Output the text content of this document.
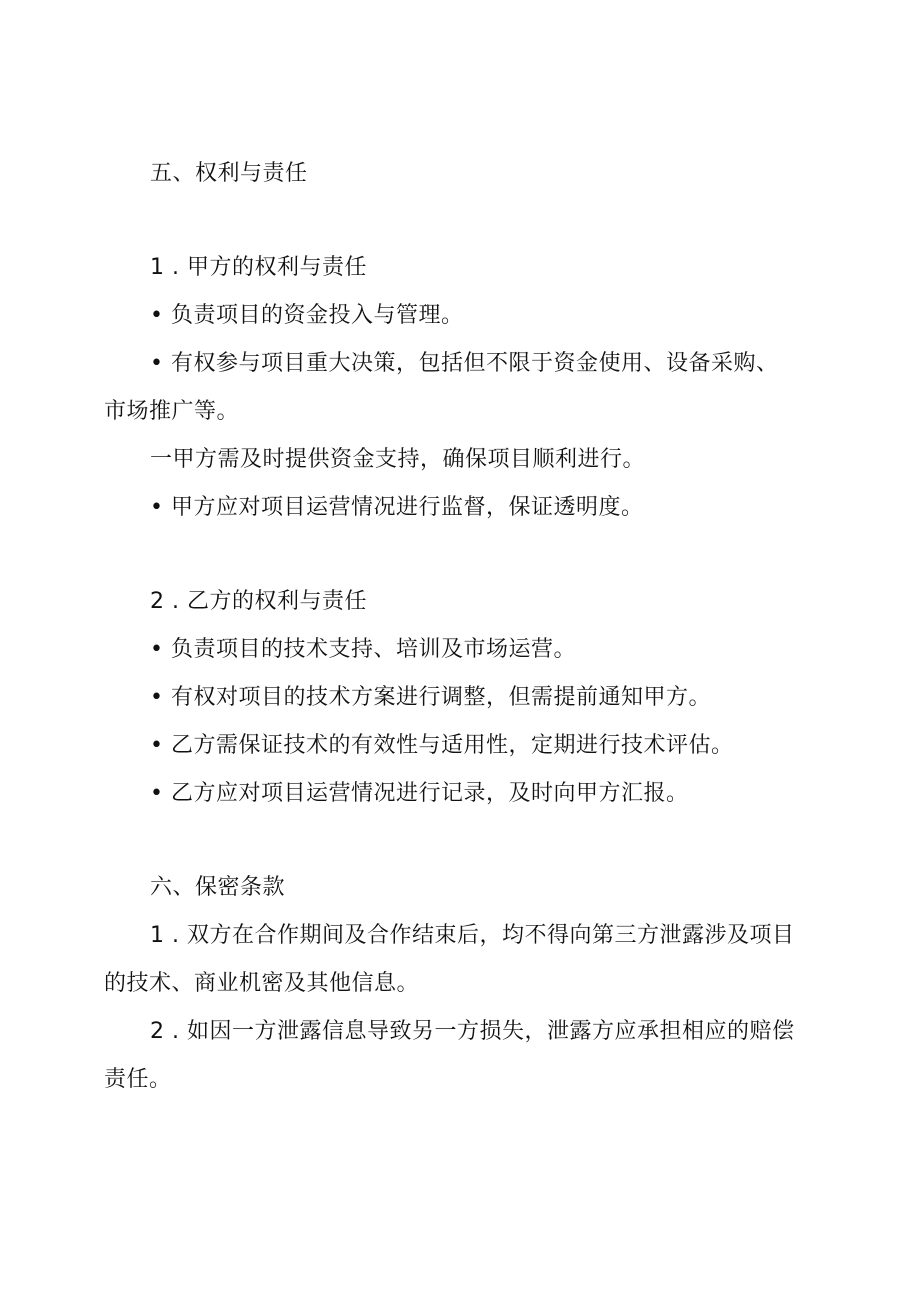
五、权利与责任
1 . 甲方的权利与责任
• 负责项目的资金投入与管理。
• 有权参与项目重大决策，包括但不限于资金使用、设备采购、
市场推广等。
一甲方需及时提供资金支持，确保项目顺利进行。
• 甲方应对项目运营情况进行监督，保证透明度。
2 . 乙方的权利与责任
• 负责项目的技术支持、培训及市场运营。
• 有权对项目的技术方案进行调整，但需提前通知甲方。
• 乙方需保证技术的有效性与适用性，定期进行技术评估。
• 乙方应对项目运营情况进行记录，及时向甲方汇报。
六、保密条款
1 . 双方在合作期间及合作结束后，均不得向第三方泄露涉及项目
的技术、商业机密及其他信息。
2 . 如因一方泄露信息导致另一方损失，泄露方应承担相应的赔偿
责任。
